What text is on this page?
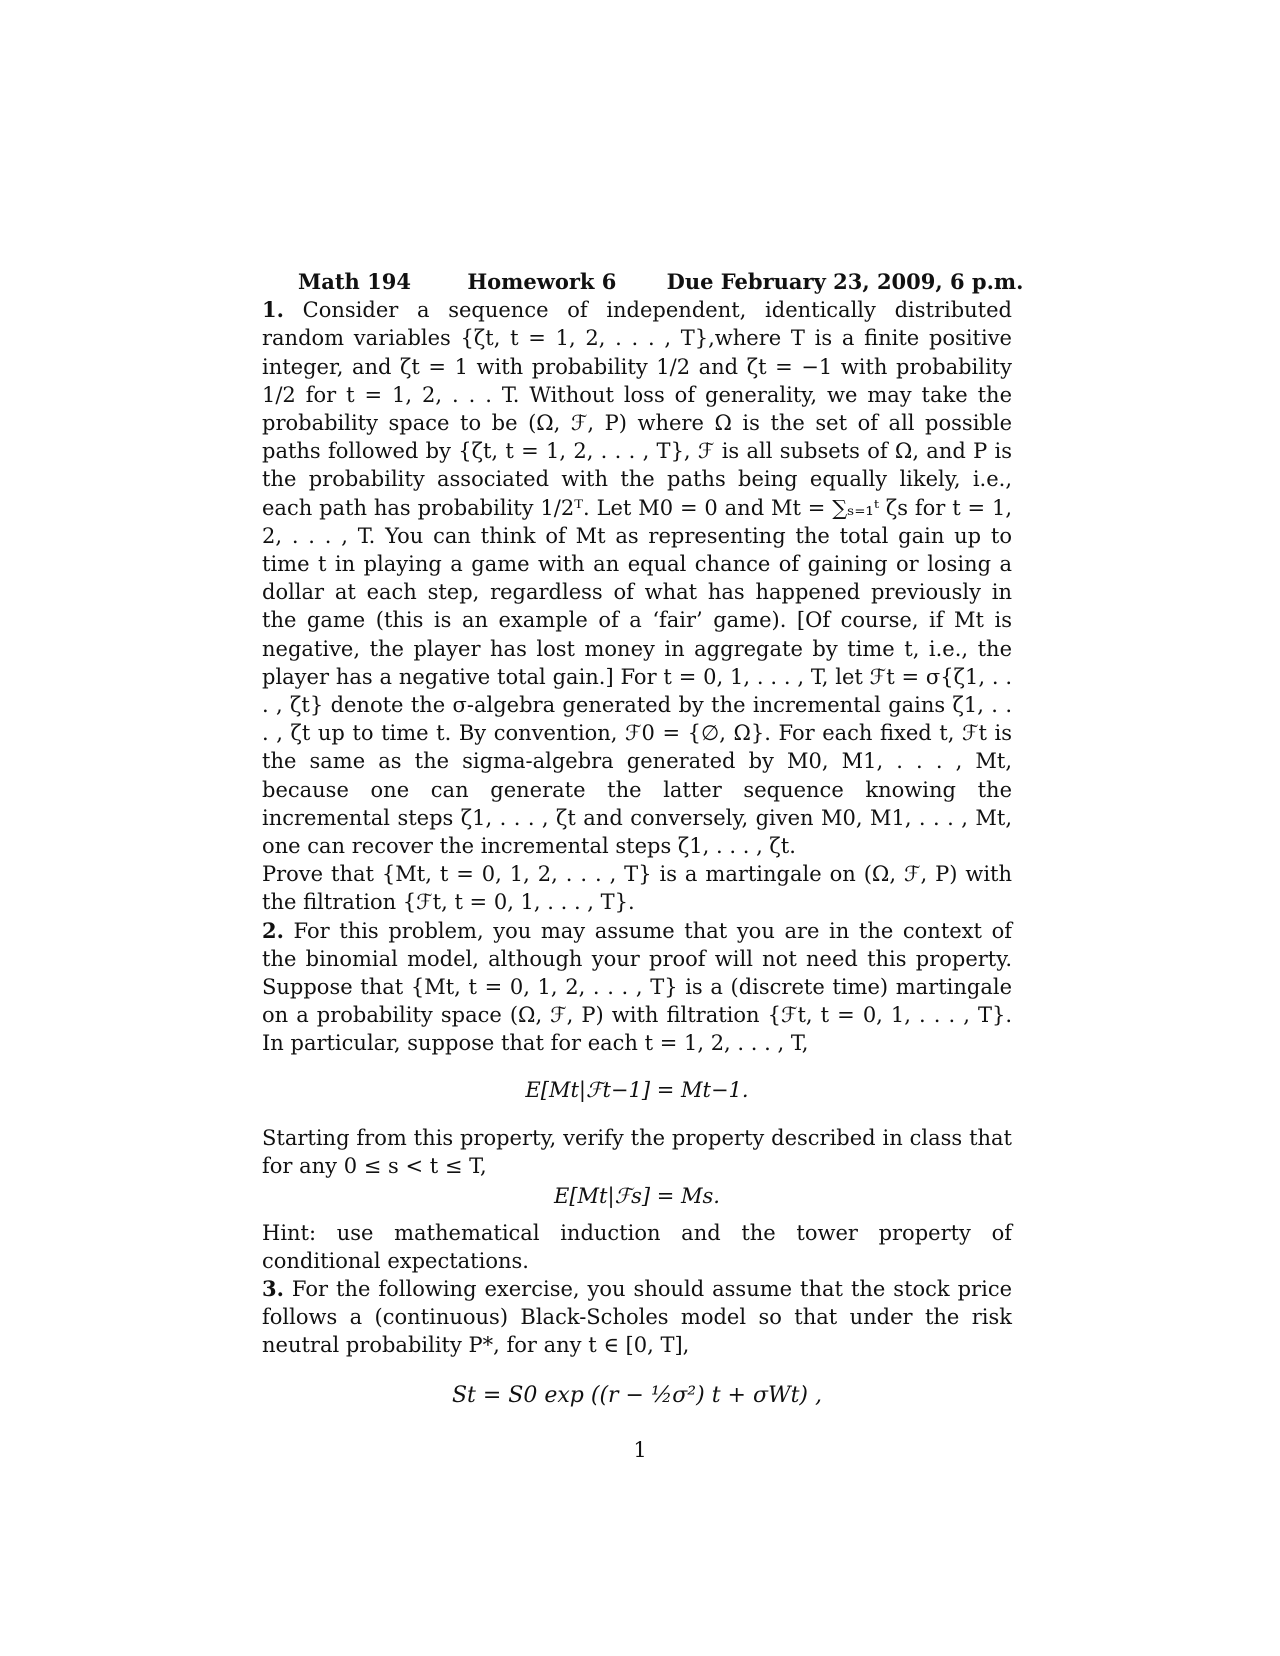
Math 194	Homework 6 Due February 23, 2009, 6 p.m.

1. Consider a sequence of independent, identically distributed random variables {ζt, t = 1, 2, . . . , T},where T is a finite positive integer, and ζt = 1 with probability 1/2 and ζt = −1 with probability 1/2 for t = 1, 2, . . . T. Without loss of generality, we may take the probability space to be (Ω, ℱ, P) where Ω is the set of all possible paths followed by {ζt, t = 1, 2, . . . , T}, ℱ is all subsets of Ω, and P is the probability associated with the paths being equally likely, i.e., each path has probability 1/2ᵀ. Let M0 = 0 and Mt = ∑ₛ₌₁ᵗ ζs for t = 1, 2, . . . , T. You can think of Mt as representing the total gain up to time t in playing a game with an equal chance of gaining or losing a dollar at each step, regardless of what has happened previously in the game (this is an example of a ‘fair’ game). [Of course, if Mt is negative, the player has lost money in aggregate by time t, i.e., the player has a negative total gain.] For t = 0, 1, . . . , T, let ℱt = σ{ζ1, . . . , ζt} denote the σ-algebra generated by the incremental gains ζ1, . . . , ζt up to time t. By convention, ℱ0 = {∅, Ω}. For each fixed t, ℱt is the same as the sigma-algebra generated by M0, M1, . . . , Mt, because one can generate the latter sequence knowing the incremental steps ζ1, . . . , ζt and conversely, given M0, M1, . . . , Mt, one can recover the incremental steps ζ1, . . . , ζt.

Prove that {Mt, t = 0, 1, 2, . . . , T} is a martingale on (Ω, ℱ, P) with the filtration {ℱt, t = 0, 1, . . . , T}.

2. For this problem, you may assume that you are in the context of the binomial model, although your proof will not need this property. Suppose that {Mt, t = 0, 1, 2, . . . , T} is a (discrete time) martingale on a probability space (Ω, ℱ, P) with filtration {ℱt, t = 0, 1, . . . , T}. In particular, suppose that for each t = 1, 2, . . . , T,

E[Mt|ℱt−1] = Mt−1.

Starting from this property, verify the property described in class that for any 0 ≤ s < t ≤ T,

E[Mt|ℱs] = Ms.

Hint: use mathematical induction and the tower property of conditional expectations.

3. For the following exercise, you should assume that the stock price follows a (continuous) Black-Scholes model so that under the risk neutral probability P*, for any t ∈ [0, T],

St = S0 exp ((r − ½σ²) t + σWt) ,
1
